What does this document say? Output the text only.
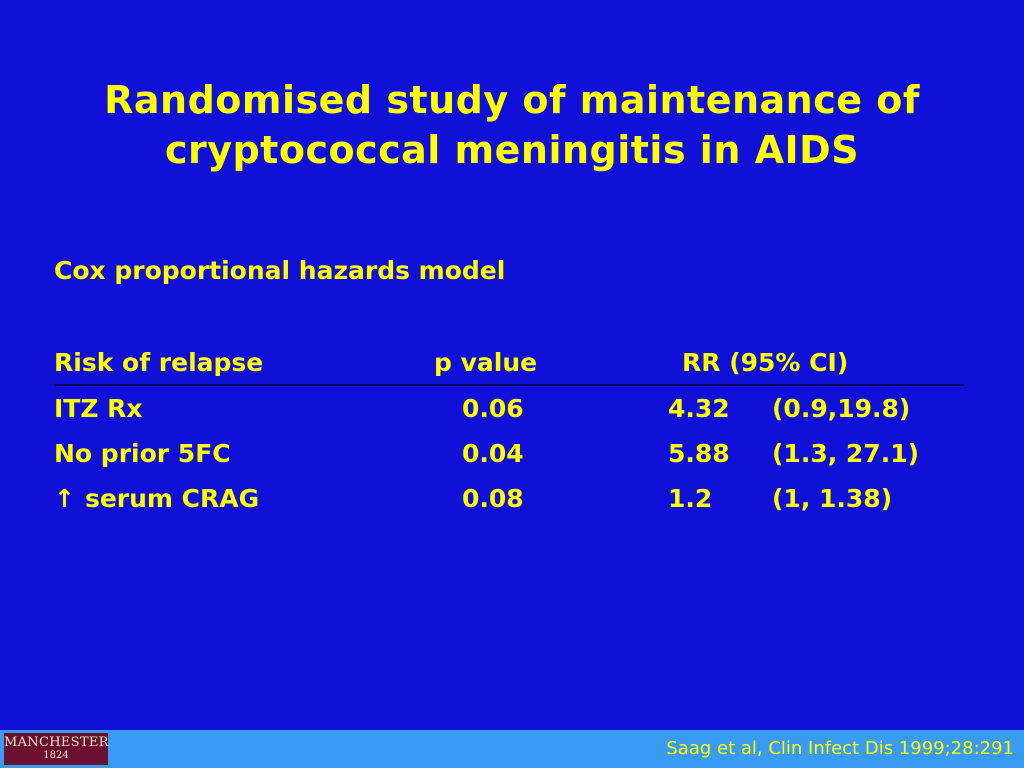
Randomised study of maintenance of
cryptococcal meningitis in AIDS
Cox proportional hazards model
Risk of relapse	p value	RR (95% CI)
ITZ Rx	0.06	4.32 (0.9,19.8)
No prior 5FC	0.04	5.88 (1.3, 27.1)
↑ serum CRAG	0.08	1.2 (1, 1.38)
MANCHESTER
1824	Saag et al, Clin Infect Dis 1999;28:291
